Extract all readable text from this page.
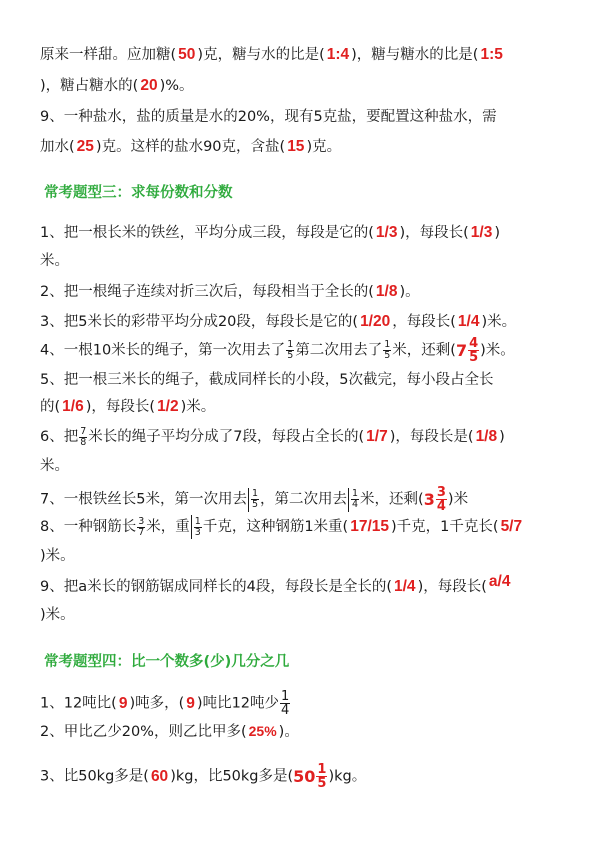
原来一样甜。应加糖( 50 )克，糖与水的比是( 1:4 )，糖与糖水的比是( 1:5
)，糖占糖水的( 20 )%。
9、一种盐水，盐的质量是水的20%，现有5克盐，要配置这种盐水，需
加水( 25 )克。这样的盐水90克，含盐( 15 )克。
常考题型三：求每份数和分数
1、把一根长米的铁丝，平均分成三段，每段是它的( 1/3 )，每段长( 1/3 )
米。
2、把一根绳子连续对折三次后，每段相当于全长的( 1/8 )。
3、把5米长的彩带平均分成20段，每段长是它的( 1/20 ，每段长( 1/4 )米。
4、一根10米长的绳子，第一次用去了 $\frac{1}{5}$ 第二次用去了 $\frac{1}{5}$ 米，还剩( $7 \frac{4}{5}$ )米。
5、把一根三米长的绳子，截成同样长的小段，5次截完，每小段占全长
的( 1/6 )，每段长( 1/2 )米。
6、把 $\frac{7}{8}$ 米长的绳子平均分成了7段，每段占全长的( 1/7 )，每段长是( 1/8 )
米。
7、一根铁丝长5米，第一次用去 $\frac{1}{5}$ ，第二次用去 $\frac{1}{4}$ 米，还剩( $3 \frac{3}{4}$ )米
8、一种钢筋长 $\frac{3}{7}$ 米，重 $\frac{1}{3}$ 千克，这种钢筋1米重( 17/15 )千克，1千克长( 5/7
)米。
9、把a米长的钢筋锯成同样长的4段，每段长是全长的( 1/4 )，每段长( a/4
)米。
常考题型四：比一个数多(少)几分之几
1、12吨比( 9 )吨多，( 9 )吨比12吨少 $\frac{1}{4}$
2、甲比乙少20%，则乙比甲多( 25% )。
3、比50kg多是( 60 )kg，比50kg多是( $50 \frac{1}{5} )kg$。
